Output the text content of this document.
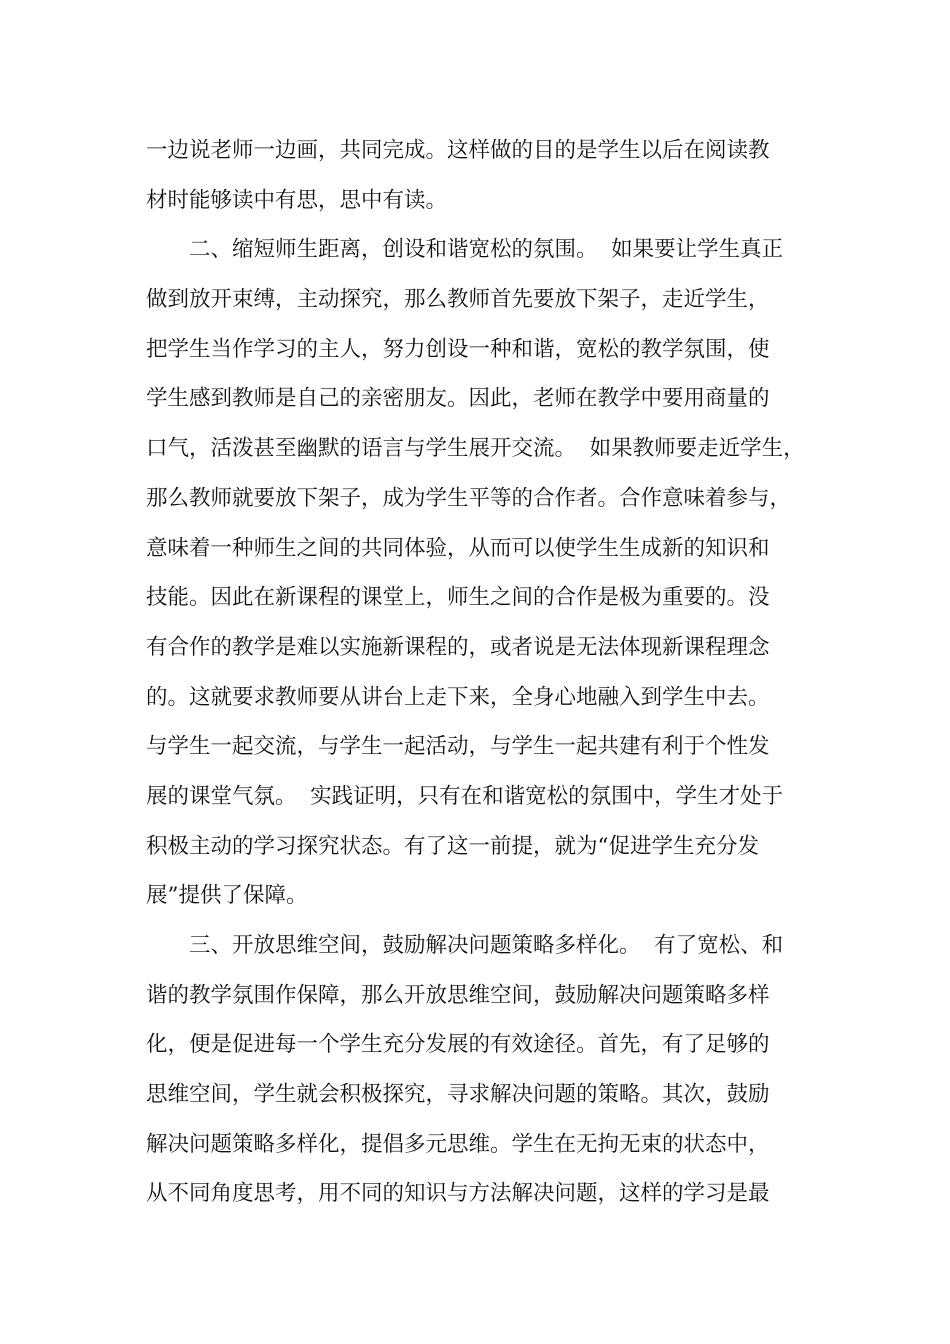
一边说老师一边画，共同完成。这样做的目的是学生以后在阅读教
材时能够读中有思，思中有读。
二、缩短师生距离，创设和谐宽松的氛围。  如果要让学生真正
做到放开束缚，主动探究，那么教师首先要放下架子，走近学生，
把学生当作学习的主人，努力创设一种和谐，宽松的教学氛围，使
学生感到教师是自己的亲密朋友。因此，老师在教学中要用商量的
口气，活泼甚至幽默的语言与学生展开交流。  如果教师要走近学生，
那么教师就要放下架子，成为学生平等的合作者。合作意味着参与，
意味着一种师生之间的共同体验，从而可以使学生生成新的知识和
技能。因此在新课程的课堂上，师生之间的合作是极为重要的。没
有合作的教学是难以实施新课程的，或者说是无法体现新课程理念
的。这就要求教师要从讲台上走下来，全身心地融入到学生中去。
与学生一起交流，与学生一起活动，与学生一起共建有利于个性发
展的课堂气氛。  实践证明，只有在和谐宽松的氛围中，学生才处于
积极主动的学习探究状态。有了这一前提，就为“促进学生充分发
展”提供了保障。
三、开放思维空间，鼓励解决问题策略多样化。  有了宽松、和
谐的教学氛围作保障，那么开放思维空间，鼓励解决问题策略多样
化，便是促进每一个学生充分发展的有效途径。首先，有了足够的
思维空间，学生就会积极探究，寻求解决问题的策略。其次，鼓励
解决问题策略多样化，提倡多元思维。学生在无拘无束的状态中，
从不同角度思考，用不同的知识与方法解决问题，这样的学习是最
